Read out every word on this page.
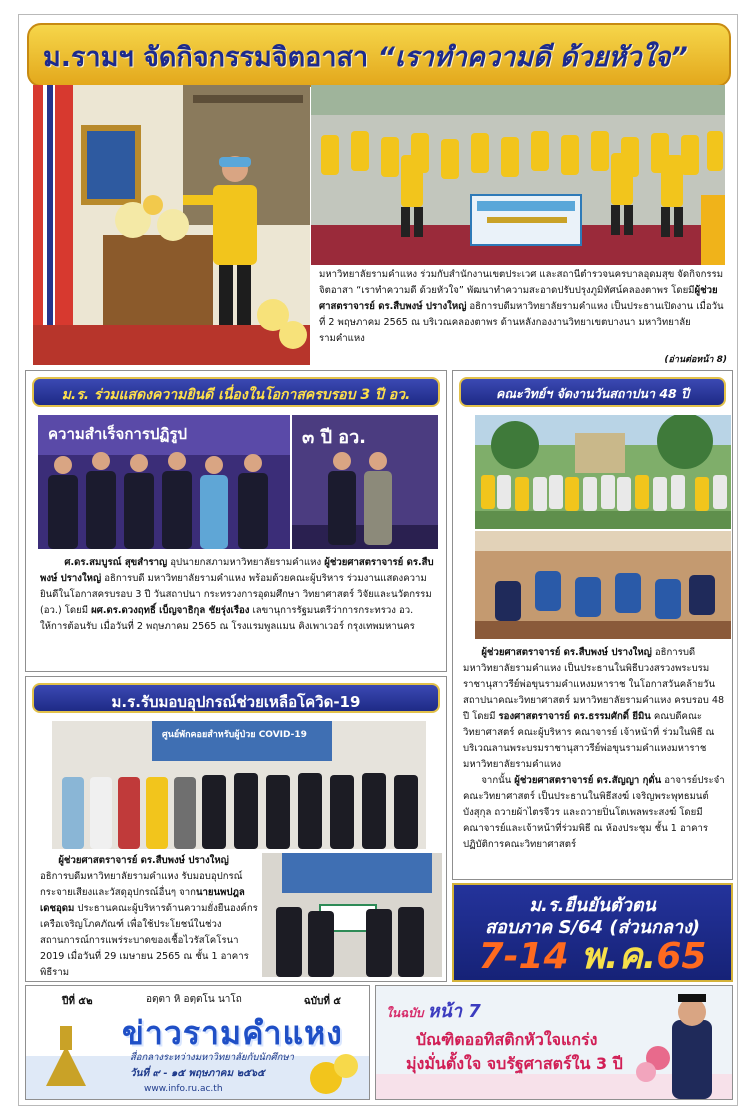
ม.รามฯ จัดกิจกรรมจิตอาสา “เราทำความดี ด้วยหัวใจ”
มหาวิทยาลัยรามคำแหง ร่วมกับสำนักงานเขตประเวศ และสถานีตำรวจนครบาลอุดมสุข จัดกิจกรรมจิตอาสา “เราทำความดี ด้วยหัวใจ” พัฒนาทำความสะอาดปรับปรุงภูมิทัศน์คลองตาพร โดยมีผู้ช่วยศาสตราจารย์ ดร.สืบพงษ์ ปรางใหญ่ อธิการบดีมหาวิทยาลัยรามคำแหง เป็นประธานเปิดงาน เมื่อวันที่ 2 พฤษภาคม 2565 ณ บริเวณคลองตาพร ด้านหลังกองงานวิทยาเขตบางนา มหาวิทยาลัยรามคำแหง
(อ่านต่อหน้า 8)
ม.ร. ร่วมแสดงความยินดี เนื่องในโอกาสครบรอบ 3 ปี อว.
ความสำเร็จการปฏิรูป	๓ ปี อว.
ศ.ดร.สมบูรณ์ สุขสำราญ อุปนายกสภามหาวิทยาลัยรามคำแหง ผู้ช่วยศาสตราจารย์ ดร.สืบพงษ์ ปรางใหญ่ อธิการบดี มหาวิทยาลัยรามคำแหง พร้อมด้วยคณะผู้บริหาร ร่วมงานแสดงความยินดีในโอกาสครบรอบ 3 ปี วันสถาปนา กระทรวงการอุดมศึกษา วิทยาศาสตร์ วิจัยและนวัตกรรม (อว.) โดยมี ผศ.ดร.ดวงฤทธิ์ เบ็ญจาธิกุล ชัยรุ่งเรือง เลขานุการรัฐมนตรีว่าการกระทรวง อว. ให้การต้อนรับ เมื่อวันที่ 2 พฤษภาคม 2565 ณ โรงแรมพูลแมน คิงเพาเวอร์ กรุงเทพมหานคร
คณะวิทย์ฯ จัดงานวันสถาปนา 48 ปี
ผู้ช่วยศาสตราจารย์ ดร.สืบพงษ์ ปรางใหญ่ อธิการบดีมหาวิทยาลัยรามคำแหง เป็นประธานในพิธีบวงสรวงพระบรมราชานุสาวรีย์พ่อขุนรามคำแหงมหาราช ในโอกาสวันคล้ายวันสถาปนาคณะวิทยาศาสตร์ มหาวิทยาลัยรามคำแหง ครบรอบ 48 ปี โดยมี รองศาสตราจารย์ ดร.ธรรมศักดิ์ ยีมิน คณบดีคณะวิทยาศาสตร์ คณะผู้บริหาร คณาจารย์ เจ้าหน้าที่ ร่วมในพิธี ณ บริเวณลานพระบรมราชานุสาวรีย์พ่อขุนรามคำแหงมหาราช มหาวิทยาลัยรามคำแหง
จากนั้น ผู้ช่วยศาสตราจารย์ ดร.สัญญา กุดั่น อาจารย์ประจำคณะวิทยาศาสตร์ เป็นประธานในพิธีสงฆ์ เจริญพระพุทธมนต์ บังสุกุล ถวายผ้าไตรจีวร และถวายปิ่นโตเพลพระสงฆ์ โดยมี คณาจารย์และเจ้าหน้าที่ร่วมพิธี ณ ห้องประชุม ชั้น 1 อาคารปฏิบัติการคณะวิทยาศาสตร์
ม.ร.รับมอบอุปกรณ์ช่วยเหลือโควิด-19
ศูนย์พักคอยสำหรับผู้ป่วย COVID-19
ผู้ช่วยศาสตราจารย์ ดร.สืบพงษ์ ปรางใหญ่ อธิการบดีมหาวิทยาลัยรามคำแหง รับมอบอุปกรณ์กระจายเสียงและวัสดุอุปกรณ์อื่นๆ จากนายนพปฎล เดชอุดม ประธานคณะผู้บริหารด้านความยั่งยืนองค์กร เครือเจริญโภคภัณฑ์ เพื่อใช้ประโยชน์ในช่วงสถานการณ์การแพร่ระบาดของเชื้อไวรัสโคโรนา 2019 เมื่อวันที่ 29 เมษายน 2565 ณ ชั้น 1 อาคารพิธีราม
ม.ร.ยืนยันตัวตน
สอบภาค S/64 (ส่วนกลาง)
7-14 พ.ค.65
ปีที่ ๕๒	อตฺตา หิ อตฺตโน นาโถ	ฉบับที่ ๕
ข่าวรามคำแหง
สื่อกลางระหว่างมหาวิทยาลัยกับนักศึกษา
วันที่ ๙ - ๑๕ พฤษภาคม ๒๕๖๕
www.info.ru.ac.th
ในฉบับ หน้า 7
บัณฑิตออทิสติกหัวใจแกร่ง
มุ่งมั่นตั้งใจ จบรัฐศาสตร์ใน 3 ปี
